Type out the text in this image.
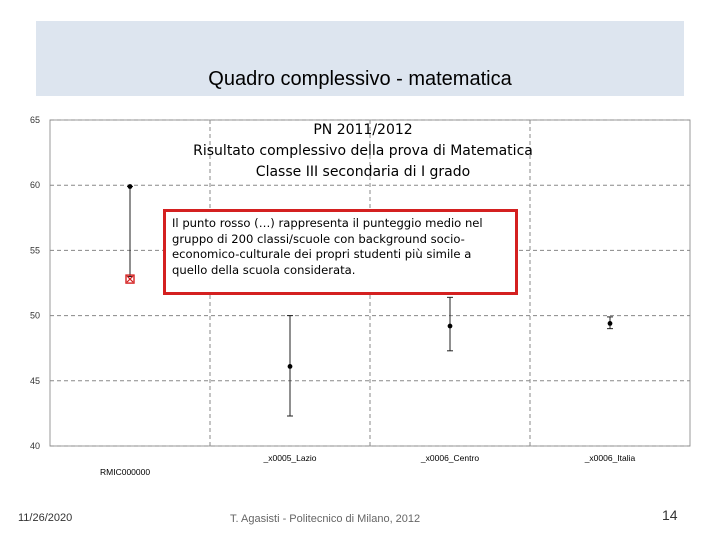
Quadro complessivo - matematica
40
45
50
55
60
65
PN 2011/2012
Risultato complessivo della prova di Matematica
Classe III secondaria di I grado
RMIC000000
_x0005_Lazio	_x0006_Centro	_x0006_Italia
Il punto rosso (…) rappresenta il punteggio medio nel gruppo di 200 classi/scuole con background socio-economico-culturale dei propri studenti più simile a quello della scuola considerata.
11/26/2020	T. Agasisti - Politecnico di Milano, 2012	14
